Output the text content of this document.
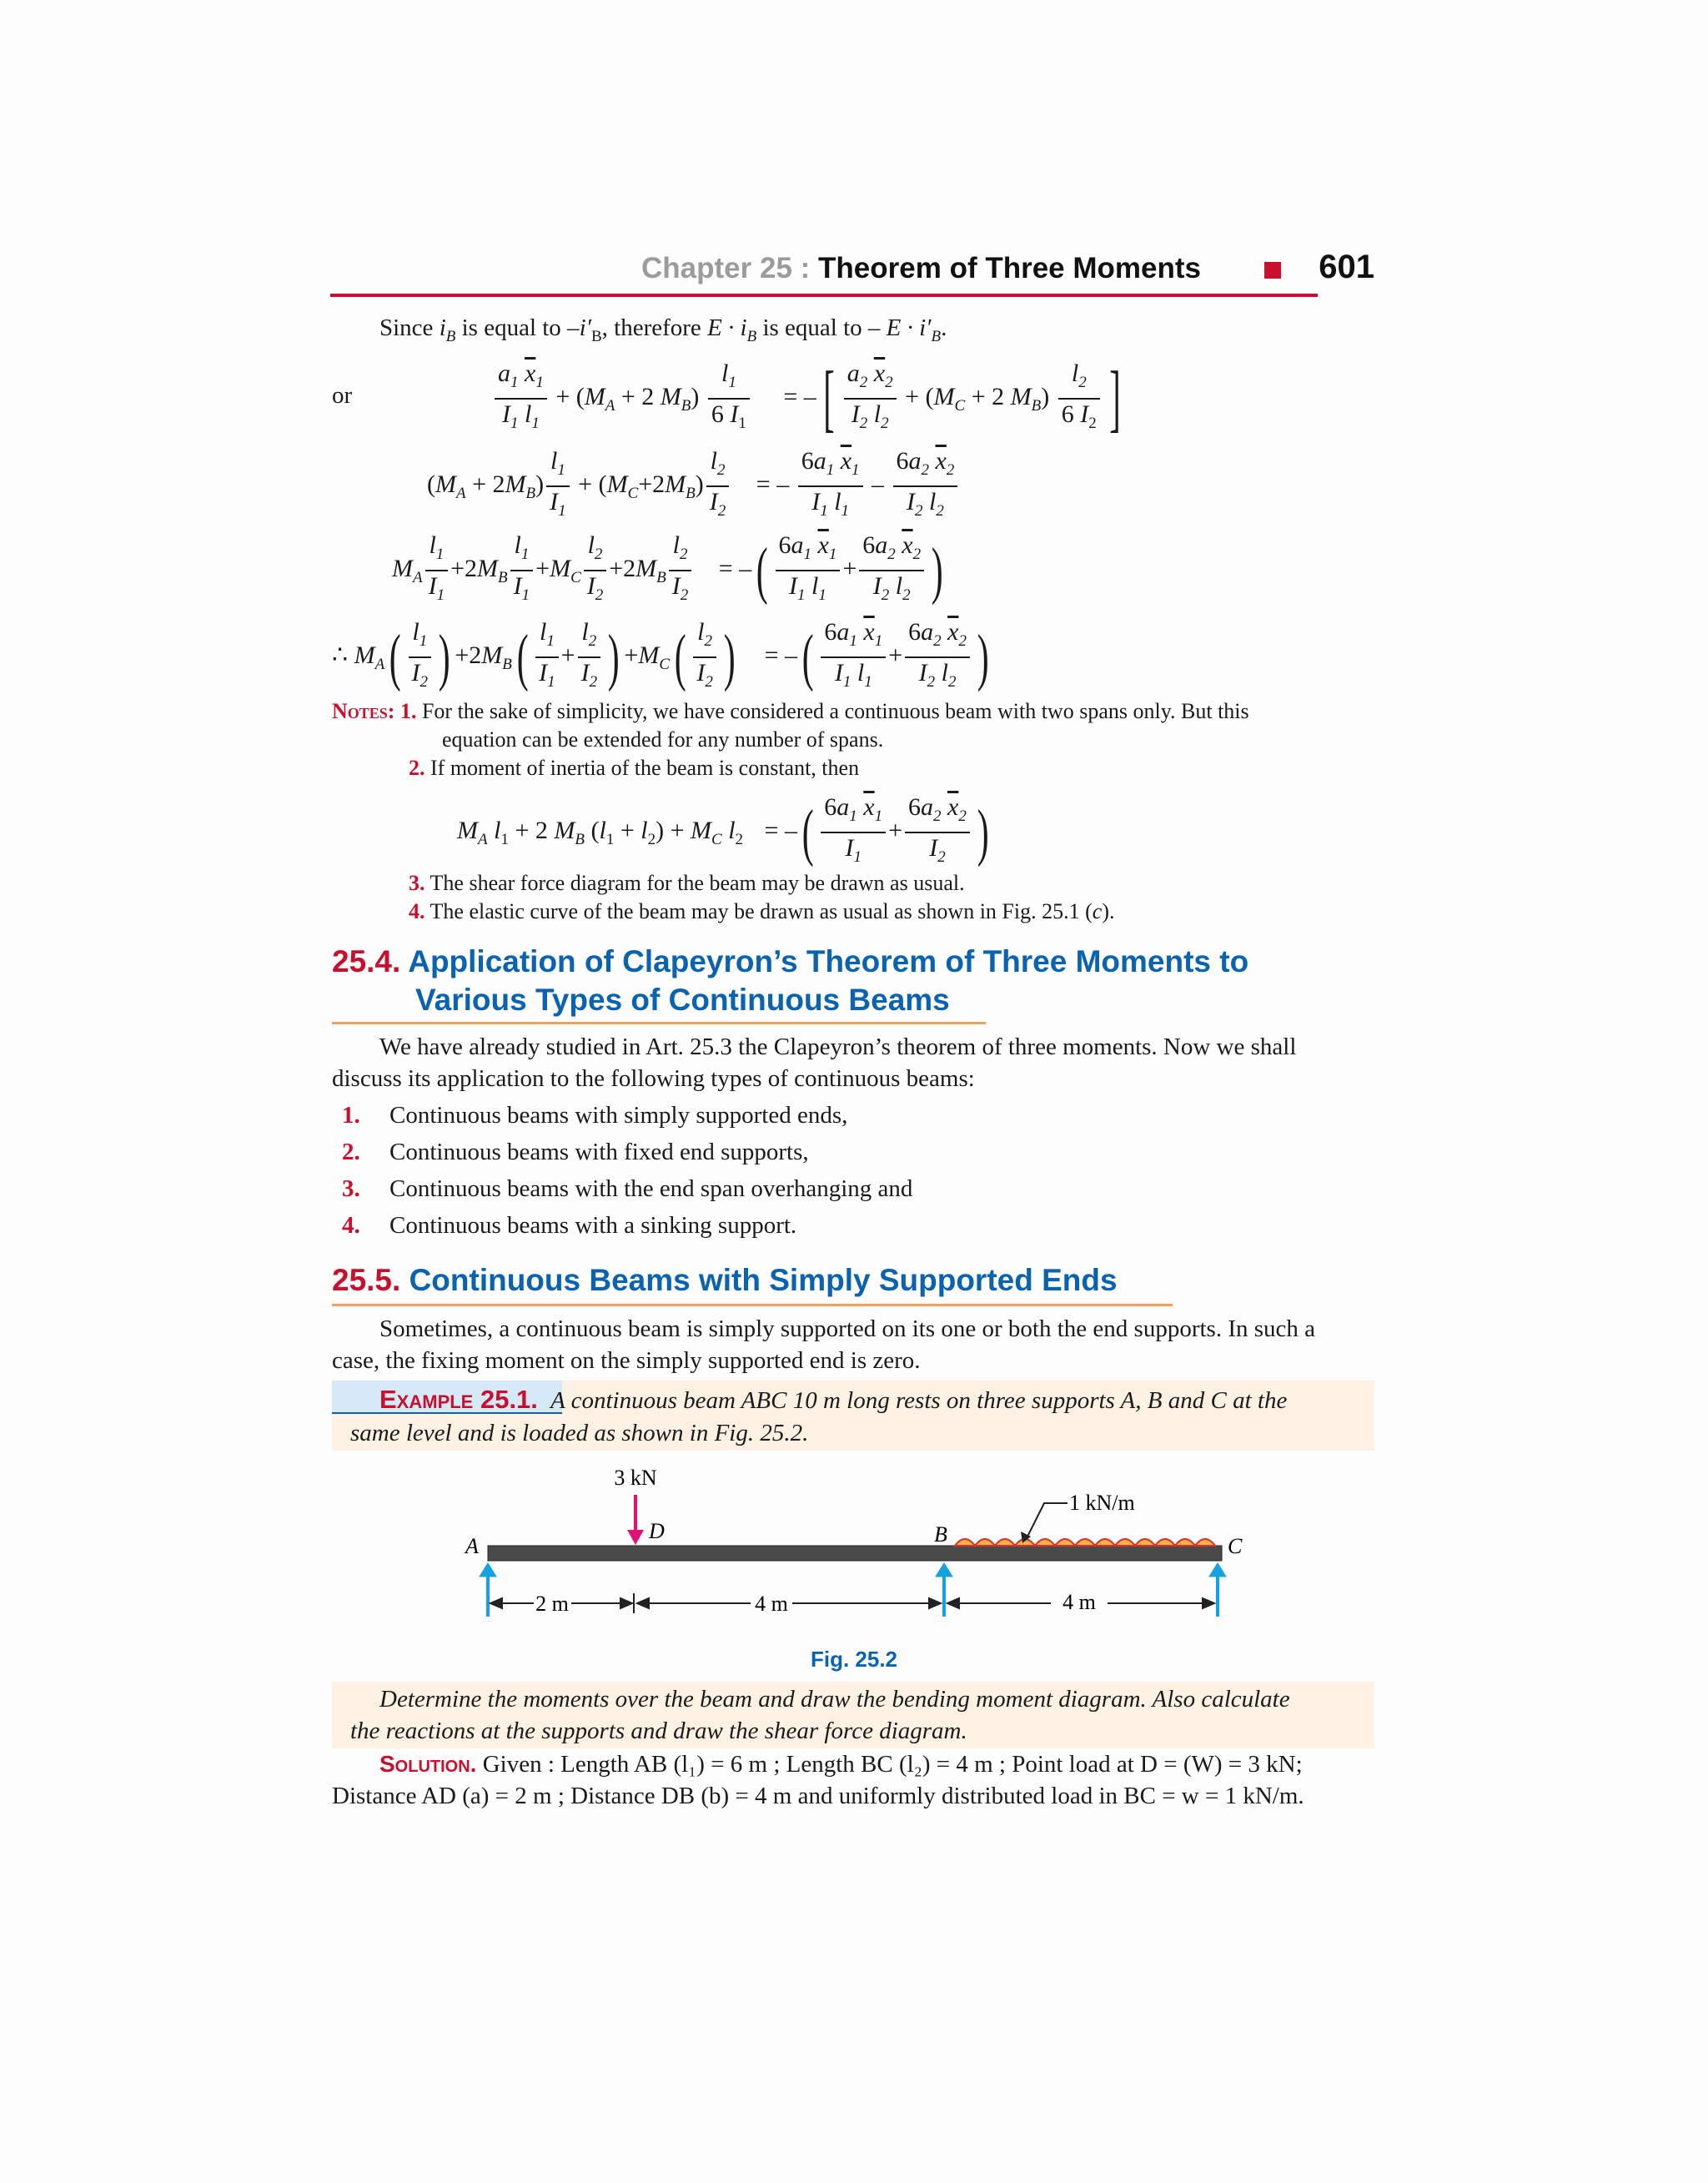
Chapter 25 : Theorem of Three Moments	601
Since $i_B$ is equal to $-i'_B$, therefore $E \cdot i_B$ is equal to – $E \cdot i'_B$.
or	$\frac{a_1 \overline{x}_1}{I_1 l_1} + (M_A + 2$ $M_B) \frac{l_1}{6 I_1}$ = –[ $\frac{a_2 \overline{x}_2}{I_2 l_2} + (M_C + 2$ $M_B) \frac{l_2}{6 I_2}$ ]
$(M_A + 2M_B) \frac{l_1}{I_1} + (M_C+2M_B) \frac{l_2}{I_2}$ = – $\frac{6a_1 \overline{x}_1}{I_1 l_1} - \frac{6a_2 \overline{x}_2}{I_2 l_2}$
$M_A \frac{l_1}{I_1} +2M_B \frac{l_1}{I_1} +M_C \frac{l_2}{I_2} +2M_B \frac{l_2}{I_2}$ = –( $\frac{6a_1 \overline{x}_1}{I_1 l_1} + \frac{6a_2 \overline{x}_2}{I_2 l_2}$ )
∴ $M_A( \frac{l_1}{I_2}$ ) $+2M_B( \frac{l_1}{I_1} + \frac{l_2}{I_2}$ ) $+M_C( \frac{l_2}{I_2}$ ) = –( $\frac{6a_1 \overline{x}_1}{I_1 l_1} + \frac{6a_2 \overline{x}_2}{I_2 l_2}$ )
Notes: 1. For the sake of simplicity, we have considered a continuous beam with two spans only. But this
equation can be extended for any number of spans.
2. If moment of inertia of the beam is constant, then
$M_A$ $l_1 + 2$ $M_B$ $(l_1 + l_2) + M_C$ $l_2$ = –( $\frac{6a_1 \overline{x}_1}{I_1} + \frac{6a_2 \overline{x}_2}{I_2}$ )
3. The shear force diagram for the beam may be drawn as usual.
4. The elastic curve of the beam may be drawn as usual as shown in Fig. 25.1 (c).
25.4. Application of Clapeyron’s Theorem of Three Moments to
Various Types of Continuous Beams
We have already studied in Art. 25.3 the Clapeyron’s theorem of three moments. Now we shall
discuss its application to the following types of continuous beams:
1. Continuous beams with simply supported ends,
2. Continuous beams with fixed end supports,
3. Continuous beams with the end span overhanging and
4. Continuous beams with a sinking support.
25.5. Continuous Beams with Simply Supported Ends
Sometimes, a continuous beam is simply supported on its one or both the end supports. In such a
case, the fixing moment on the simply supported end is zero.
Example 25.1. A continuous beam ABC 10 m long rests on three supports A, B and C at the
same level and is loaded as shown in Fig. 25.2.
3 kN
D
1 kN/m
A	B	C
2 m	4 m	4 m
Fig. 25.2
Determine the moments over the beam and draw the bending moment diagram. Also calculate
the reactions at the supports and draw the shear force diagram.
Solution. Given : Length AB (l₁) = 6 m ; Length BC (l₂) = 4 m ; Point load at D = (W) = 3 kN;
Distance AD (a) = 2 m ; Distance DB (b) = 4 m and uniformly distributed load in BC = w = 1 kN/m.
